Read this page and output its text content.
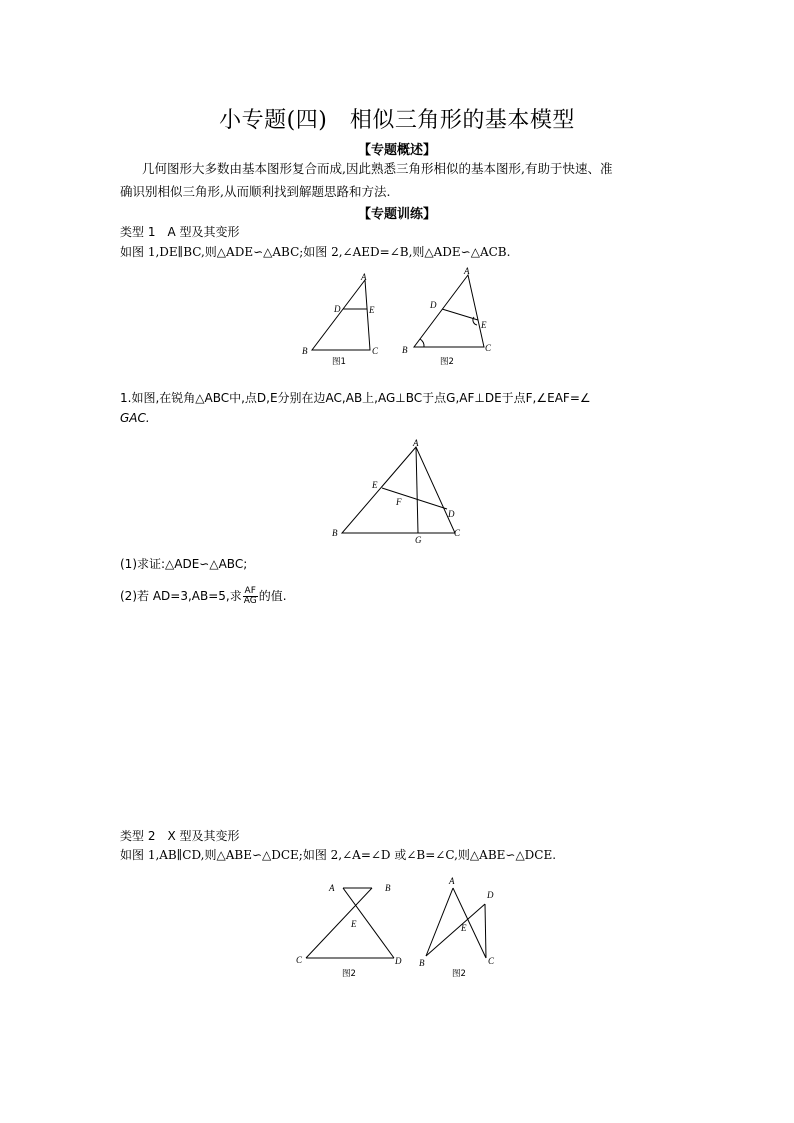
小专题(四)　相似三角形的基本模型
【专题概述】
几何图形大多数由基本图形复合而成,因此熟悉三角形相似的基本图形,有助于快速、准
确识别相似三角形,从而顺利找到解题思路和方法.
【专题训练】
类型 1　A 型及其变形
如图 1,DE∥BC,则△ADE∽△ABC;如图 2,∠AED=∠B,则△ADE∽△ACB.
A
D	E
B	C
图1
A
D
E
B	C
图2
1.如图,在锐角△ABC中,点D,E分别在边AC,AB上,AG⊥BC于点G,AF⊥DE于点F,∠EAF=∠
GAC.
A
E
F
D
B
G
C
(1)求证:△ADE∽△ABC;
(2)若 AD=3,AB=5,求 $\frac{AF}{AG}$ 的值.
类型 2　X 型及其变形
如图 1,AB∥CD,则△ABE∽△DCE;如图 2,∠A=∠D 或∠B=∠C,则△ABE∽△DCE.
A	B
E
C	D
图2
A
D
E
B	C
图2
